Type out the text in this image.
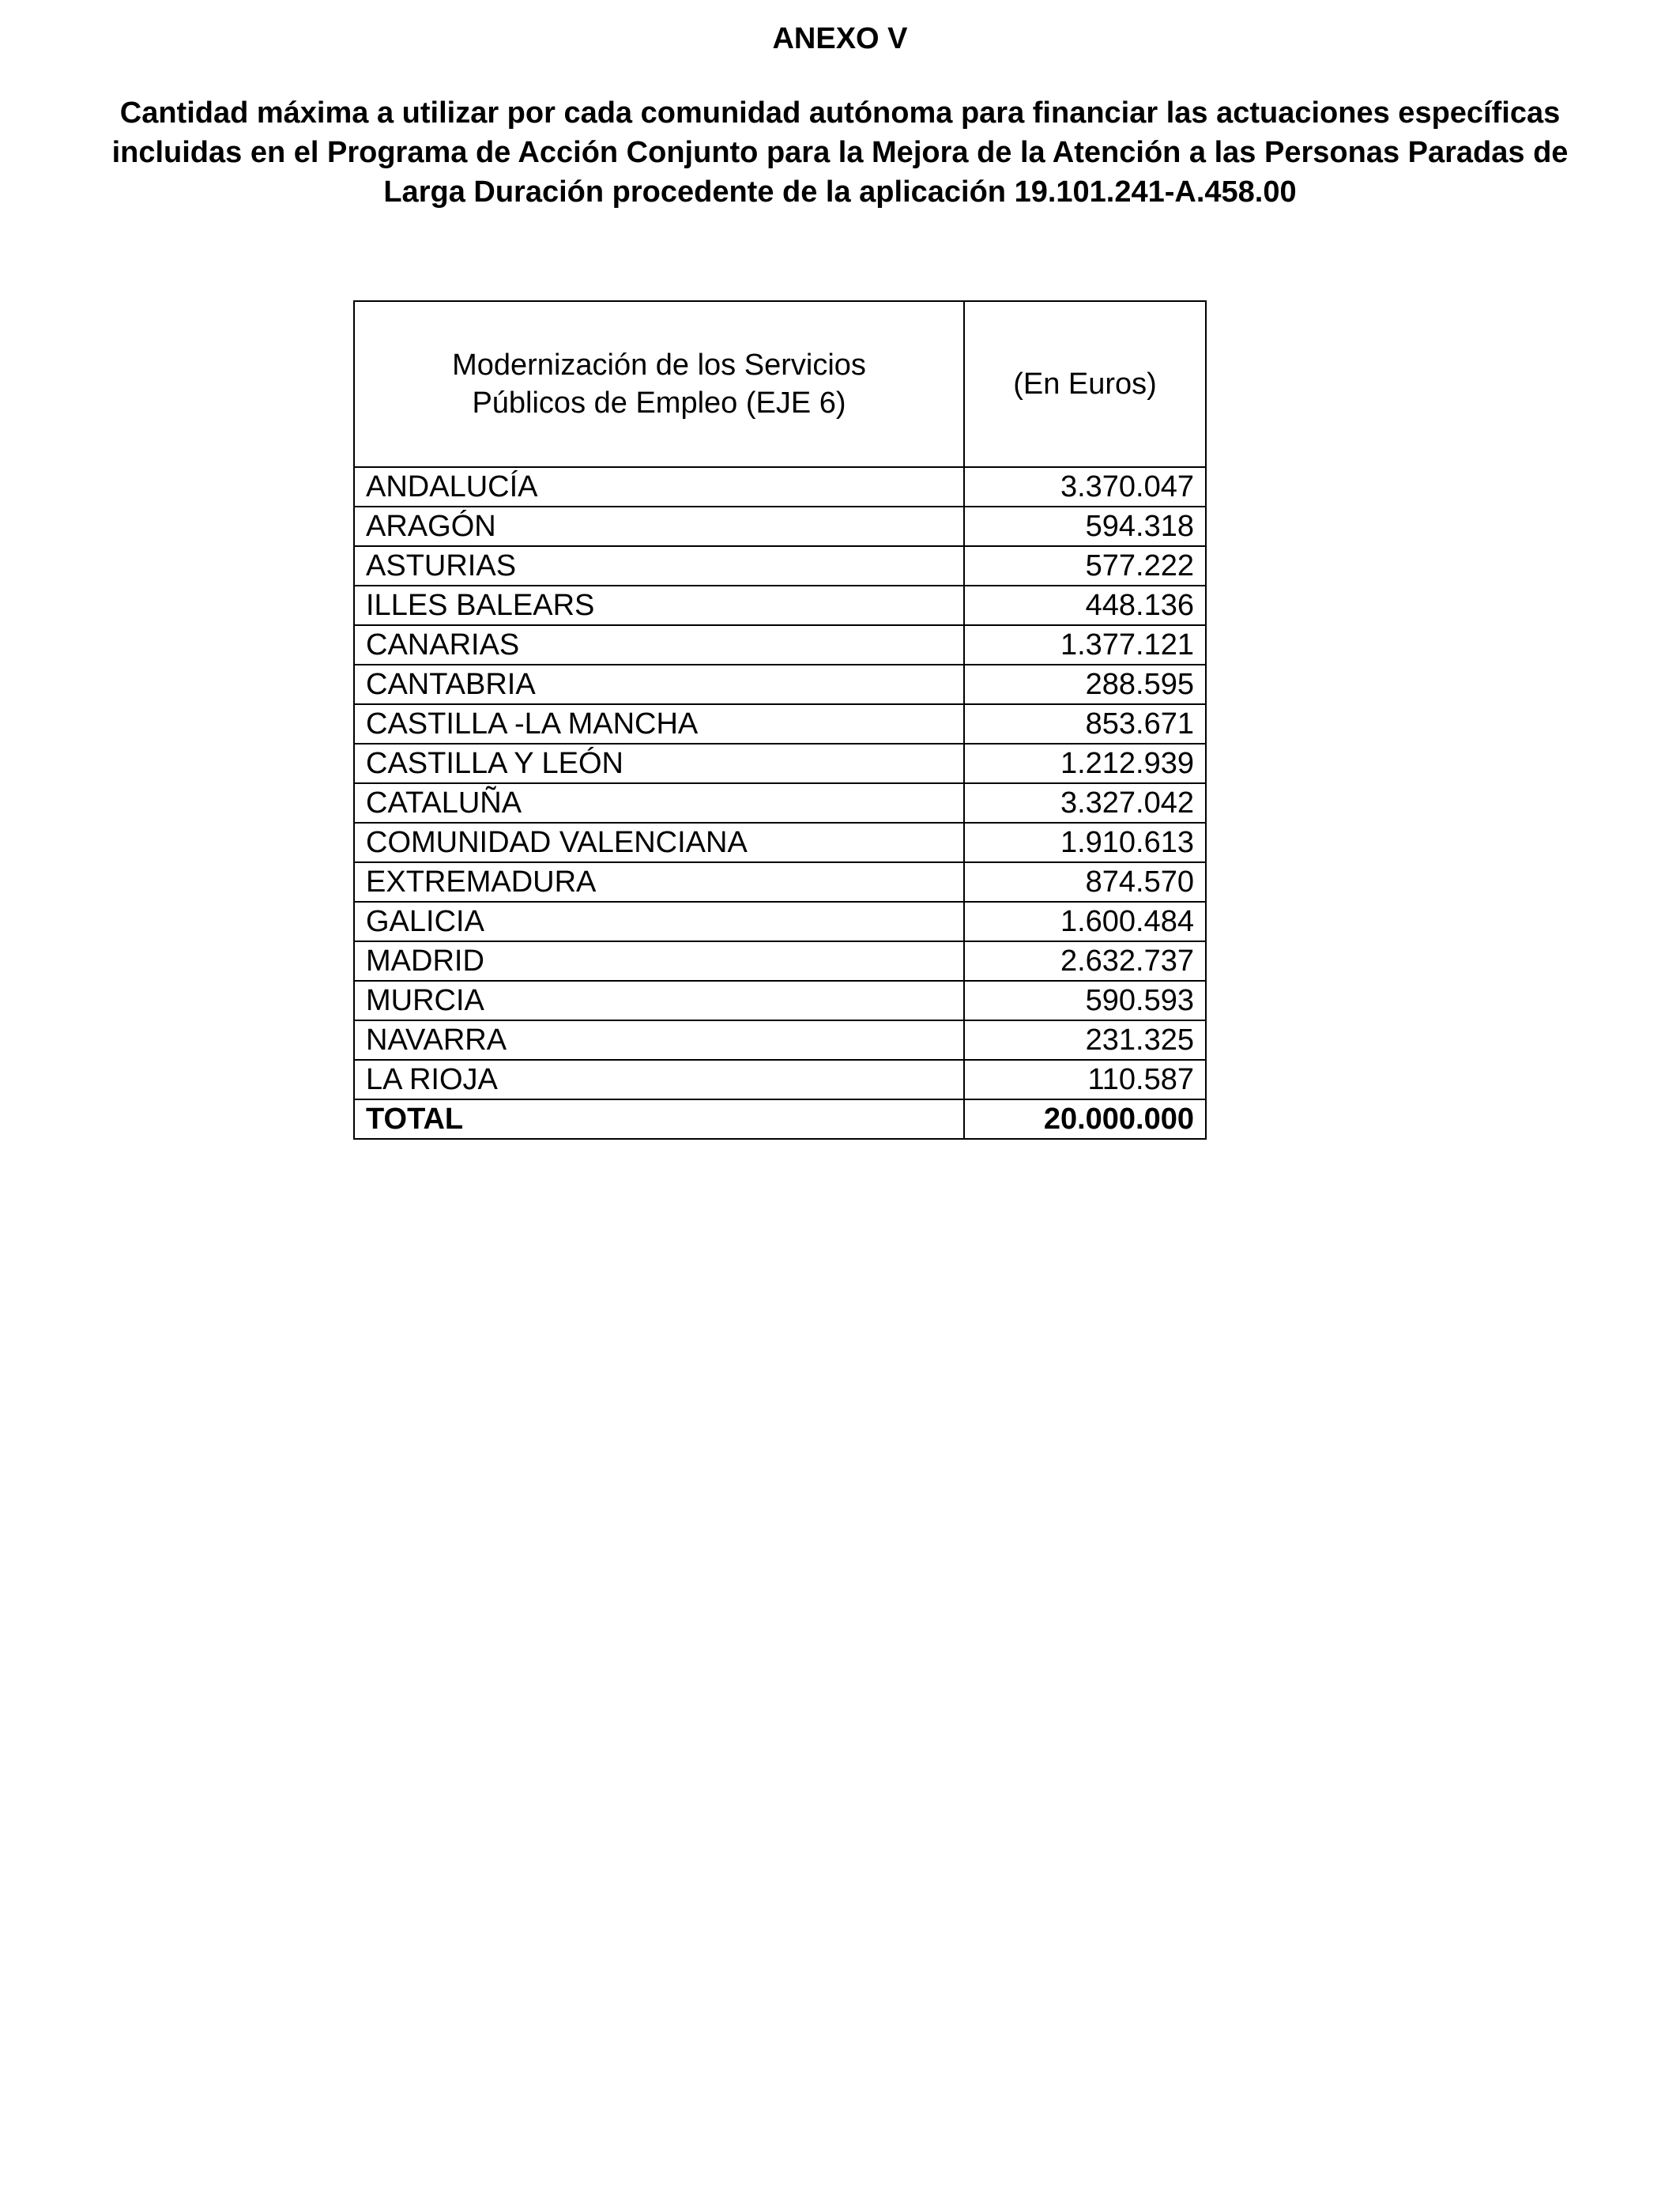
ANEXO V
Cantidad máxima a utilizar por cada comunidad autónoma para financiar las actuaciones específicas
incluidas en el Programa de Acción Conjunto para la Mejora de la Atención a las Personas Paradas de
Larga Duración procedente de la aplicación 19.101.241-A.458.00
Modernización de los Servicios
Públicos de Empleo (EJE 6)	(En Euros)
ANDALUCÍA	3.370.047
ARAGÓN	594.318
ASTURIAS	577.222
ILLES BALEARS	448.136
CANARIAS	1.377.121
CANTABRIA	288.595
CASTILLA -LA MANCHA	853.671
CASTILLA Y LEÓN	1.212.939
CATALUÑA	3.327.042
COMUNIDAD VALENCIANA	1.910.613
EXTREMADURA	874.570
GALICIA	1.600.484
MADRID	2.632.737
MURCIA	590.593
NAVARRA	231.325
LA RIOJA	110.587
TOTAL	20.000.000
